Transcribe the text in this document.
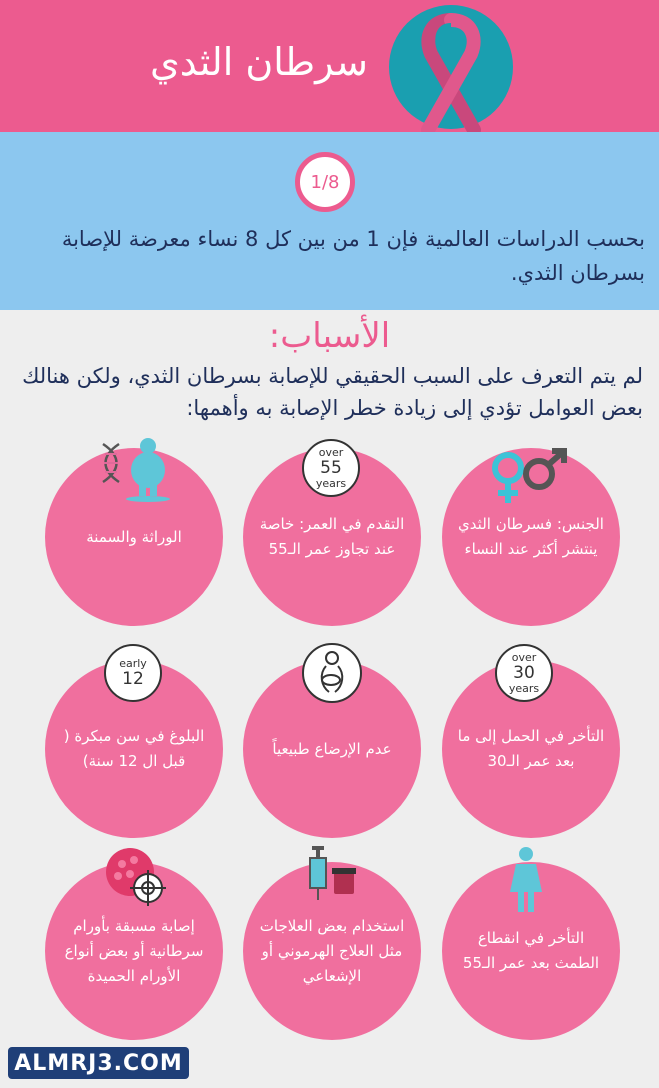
سرطان الثدي
1/8
بحسب الدراسات العالمية فإن 1 من بين كل 8 نساء معرضة للإصابة بسرطان الثدي.
الأسباب:
لم يتم التعرف على السبب الحقيقي للإصابة بسرطان الثدي، ولكن هنالك بعض العوامل تؤدي إلى زيادة خطر الإصابة به وأهمها:
الجنس: فسرطان الثدي ينتشر أكثر عند النساء
التقدم في العمر: خاصة عند تجاوز عمر الـ55
الوراثة والسمنة
التأخر في الحمل إلى ما بعد عمر الـ30
عدم الإرضاع طبيعياً
البلوغ في سن مبكرة ( قبل ال 12 سنة)
التأخر في انقطاع الطمث بعد عمر الـ55
استخدام بعض العلاجات مثل العلاج الهرموني أو الإشعاعي
إصابة مسبقة بأورام سرطانية أو بعض أنواع الأورام الحميدة
over
55
years
over
30
years
early
12
ALMRJ3.COM
